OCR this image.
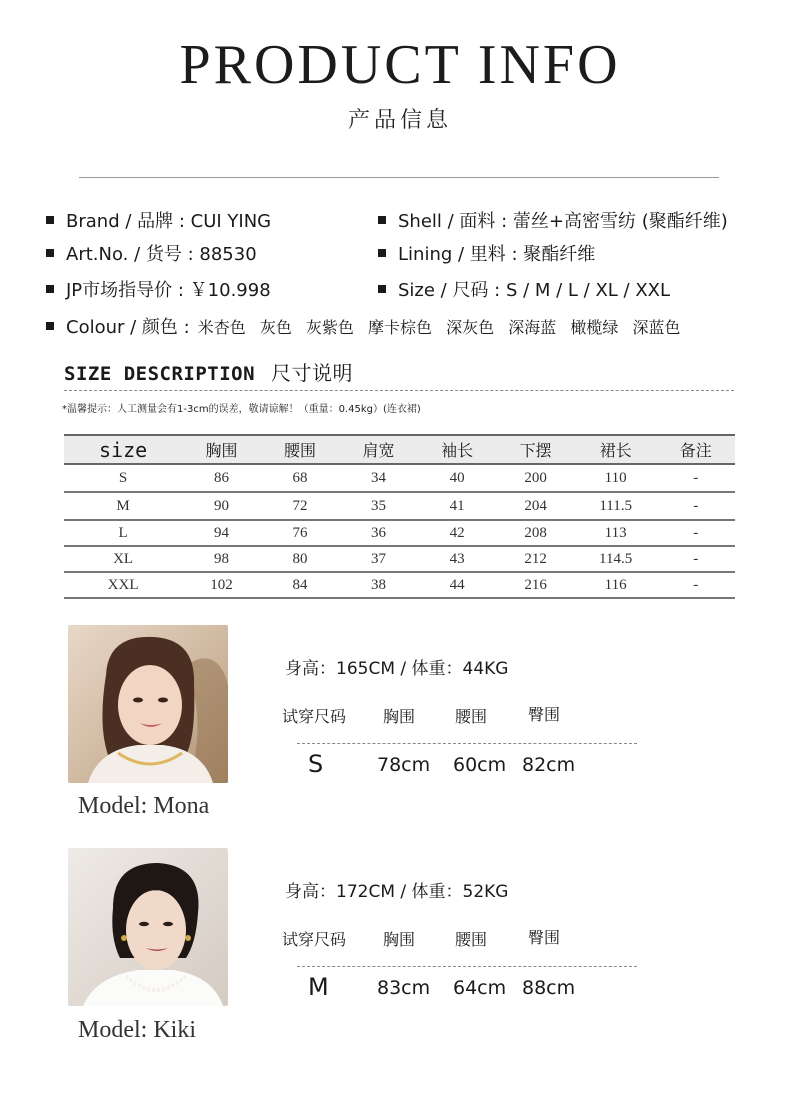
PRODUCT INFO
产品信息
Brand / 品牌 : CUI YING
Art.No. / 货号 : 88530
JP市场指导价 : ￥10.998
Shell / 面料 : 蕾丝+高密雪纺 (聚酯纤维)
Lining / 里料 : 聚酯纤维
Size / 尺码 : S / M / L / XL / XXL
Colour / 颜色 : 米杏色 灰色 灰紫色 摩卡棕色 深灰色 深海蓝 橄榄绿 深蓝色
SIZE DESCRIPTION 尺寸说明
*温馨提示：人工测量会有1-3cm的误差，敬请谅解！（重量：0.45kg）(连衣裙)
size	胸围	腰围	肩宽	袖长	下摆	裙长	备注
S	86	68	34	40	200	110	-
M	90	72	35	41	204	111.5	-
L	94	76	36	42	208	113	-
XL	98	80	37	43	212	114.5	-
XXL	102	84	38	44	216	116	-
Model: Mona
身高：165CM / 体重：44KG
试穿尺码 胸围 腰围	臀围
S	78cm 60cm 82cm
Model: Kiki
身高：172CM / 体重：52KG
试穿尺码 胸围 腰围	臀围
M	83cm 64cm 88cm
